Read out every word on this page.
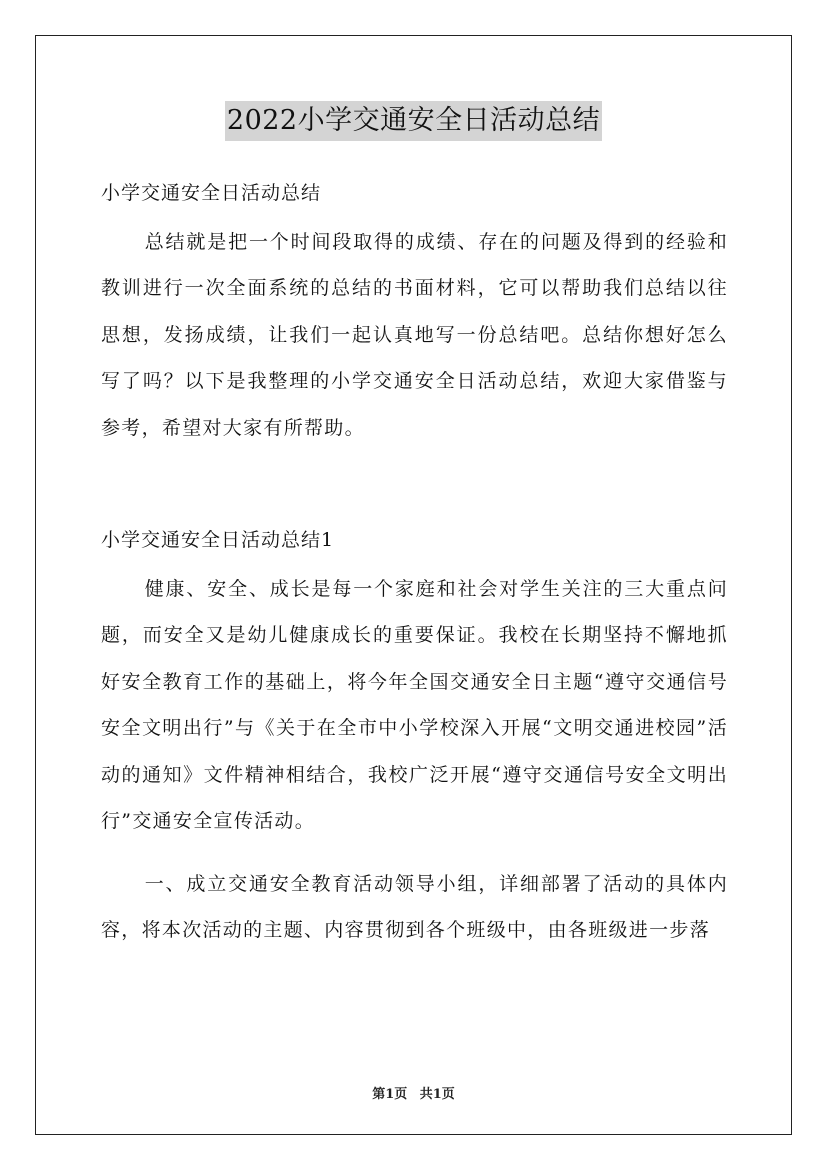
2022小学交通安全日活动总结

小学交通安全日活动总结

总结就是把一个时间段取得的成绩、存在的问题及得到的经验和教训进行一次全面系统的总结的书面材料，它可以帮助我们总结以往思想，发扬成绩，让我们一起认真地写一份总结吧。总结你想好怎么写了吗？以下是我整理的小学交通安全日活动总结，欢迎大家借鉴与参考，希望对大家有所帮助。

小学交通安全日活动总结1

健康、安全、成长是每一个家庭和社会对学生关注的三大重点问题，而安全又是幼儿健康成长的重要保证。我校在长期坚持不懈地抓好安全教育工作的基础上，将今年全国交通安全日主题“遵守交通信号安全文明出行”与《关于在全市中小学校深入开展“文明交通进校园”活动的通知》文件精神相结合，我校广泛开展“遵守交通信号安全文明出行”交通安全宣传活动。

一、成立交通安全教育活动领导小组，详细部署了活动的具体内容，将本次活动的主题、内容贯彻到各个班级中，由各班级进一步落

第1页 共1页
